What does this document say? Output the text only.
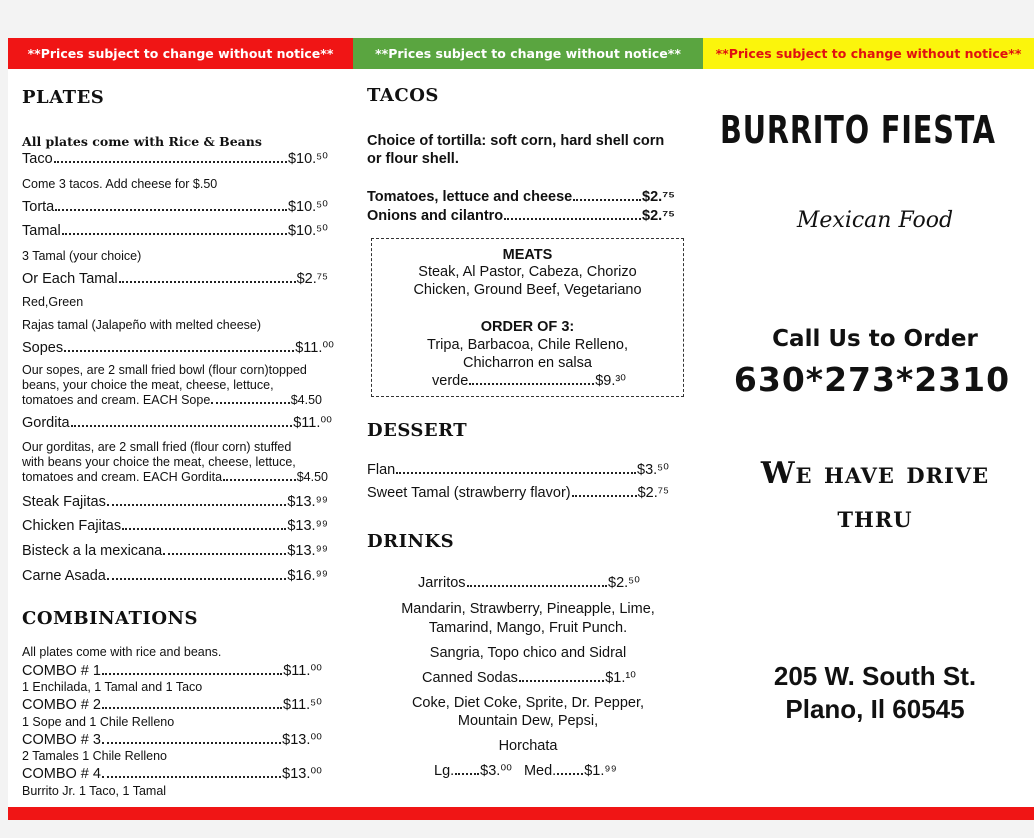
**Prices subject to change without notice**	**Prices subject to change without notice**	**Prices subject to change without notice**
PLATES
All plates come with Rice & Beans
Taco	$10.⁵⁰
Come 3 tacos. Add cheese for $.50
Torta	$10.⁵⁰
Tamal	$10.⁵⁰
3 Tamal (your choice)
Or Each Tamal	$2.⁷⁵
Red,Green
Rajas tamal (Jalapeño with melted cheese)
Sopes	$11.⁰⁰
Our sopes, are 2 small fried bowl (flour corn)topped
beans, your choice the meat, cheese, lettuce,
tomatoes and cream. EACH Sope	$4.50
Gordita	$11.⁰⁰
Our gorditas, are 2 small fried (flour corn) stuffed
with beans your choice the meat, cheese, lettuce,
tomatoes and cream. EACH Gordita	$4.50
Steak Fajitas	$13.⁹⁹
Chicken Fajitas	$13.⁹⁹
Bisteck a la mexicana	$13.⁹⁹
Carne Asada	$16.⁹⁹
COMBINATIONS
All plates come with rice and beans.
COMBO # 1	$11.⁰⁰
1 Enchilada, 1 Tamal and 1 Taco
COMBO # 2	$11.⁵⁰
1 Sope and 1 Chile Relleno
COMBO # 3	$13.⁰⁰
2 Tamales 1 Chile Relleno
COMBO # 4	$13.⁰⁰
Burrito Jr. 1 Taco, 1 Tamal
TACOS
Choice of tortilla: soft corn, hard shell corn
or flour shell.
Tomatoes, lettuce and cheese	$2.⁷⁵
Onions and cilantro	$2.⁷⁵
MEATS
Steak, Al Pastor, Cabeza, Chorizo
Chicken, Ground Beef, Vegetariano
ORDER OF 3:
Tripa, Barbacoa, Chile Relleno,
Chicharron en salsa
verde	$9.³⁰
DESSERT
Flan	$3.⁵⁰
Sweet Tamal (strawberry flavor)	$2.⁷⁵
DRINKS
Jarritos	$2.⁵⁰
Mandarin, Strawberry, Pineapple, Lime,
Tamarind, Mango, Fruit Punch.
Sangria, Topo chico and Sidral
Canned Sodas	$1.¹⁰
Coke, Diet Coke, Sprite, Dr. Pepper,
Mountain Dew, Pepsi,
Horchata
Lg. $3.⁰⁰ Med. $1.⁹⁹
BURRITO FIESTA
Mexican Food
Call Us to Order
630*273*2310
We have drive
thru
205 W. South St.
Plano, Il 60545
